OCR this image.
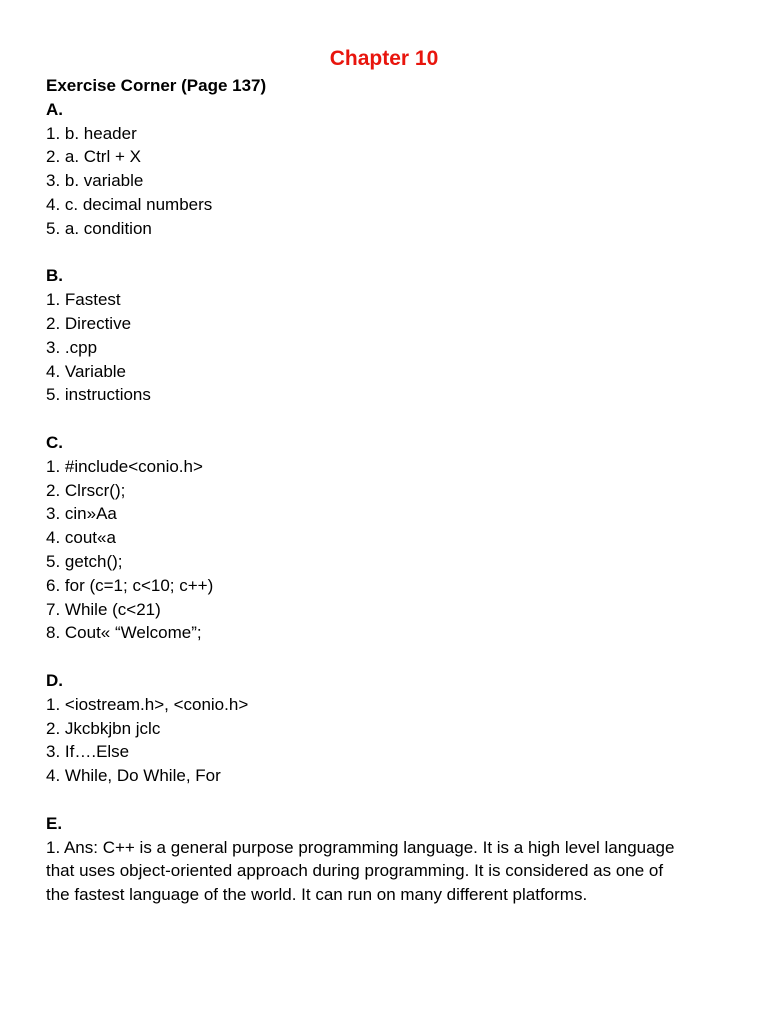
Chapter 10

Exercise Corner (Page 137)

A.

1. b. header

2. a. Ctrl + X

3. b. variable

4. c. decimal numbers

5. a. condition

B.

1. Fastest

2. Directive

3. .cpp

4. Variable

5. instructions

C.

1. #include<conio.h>

2. Clrscr();

3. cin»Aa

4. cout«a

5. getch();

6. for (c=1; c<10; c++)

7. While (c<21)

8. Cout« “Welcome”;

D.

1. <iostream.h>, <conio.h>

2. Jkcbkjbn jclc

3. If….Else

4. While, Do While, For

E.

1. Ans: C++ is a general purpose programming language. It is a high level language that uses object-oriented approach during programming. It is considered as one of the fastest language of the world. It can run on many different platforms.
